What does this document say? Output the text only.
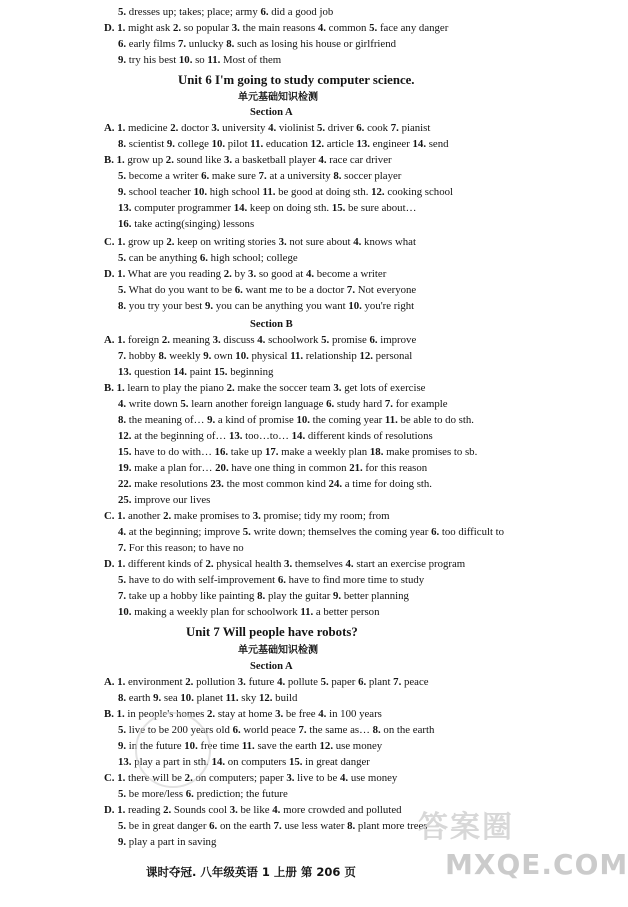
5. dresses up; takes; place; army 6. did a good job
D. 1. might ask 2. so popular 3. the main reasons 4. common 5. face any danger
6. early films 7. unlucky 8. such as losing his house or girlfriend
9. try his best 10. so 11. Most of them
Unit 6 I'm going to study computer science.
单元基础知识检测
Section A
A. 1. medicine 2. doctor 3. university 4. violinist 5. driver 6. cook 7. pianist
8. scientist 9. college 10. pilot 11. education 12. article 13. engineer 14. send
B. 1. grow up 2. sound like 3. a basketball player 4. race car driver
5. become a writer 6. make sure 7. at a university 8. soccer player
9. school teacher 10. high school 11. be good at doing sth. 12. cooking school
13. computer programmer 14. keep on doing sth. 15. be sure about…
16. take acting(singing) lessons
C. 1. grow up 2. keep on writing stories 3. not sure about 4. knows what
5. can be anything 6. high school; college
D. 1. What are you reading 2. by 3. so good at 4. become a writer
5. What do you want to be 6. want me to be a doctor 7. Not everyone
8. you try your best 9. you can be anything you want 10. you're right
Section B
A. 1. foreign 2. meaning 3. discuss 4. schoolwork 5. promise 6. improve
7. hobby 8. weekly 9. own 10. physical 11. relationship 12. personal
13. question 14. paint 15. beginning
B. 1. learn to play the piano 2. make the soccer team 3. get lots of exercise
4. write down 5. learn another foreign language 6. study hard 7. for example
8. the meaning of… 9. a kind of promise 10. the coming year 11. be able to do sth.
12. at the beginning of… 13. too…to… 14. different kinds of resolutions
15. have to do with… 16. take up 17. make a weekly plan 18. make promises to sb.
19. make a plan for… 20. have one thing in common 21. for this reason
22. make resolutions 23. the most common kind 24. a time for doing sth.
25. improve our lives
C. 1. another 2. make promises to 3. promise; tidy my room; from
4. at the beginning; improve 5. write down; themselves the coming year 6. too difficult to
7. For this reason; to have no
D. 1. different kinds of 2. physical health 3. themselves 4. start an exercise program
5. have to do with self-improvement 6. have to find more time to study
7. take up a hobby like painting 8. play the guitar 9. better planning
10. making a weekly plan for schoolwork 11. a better person
Unit 7 Will people have robots?
单元基础知识检测
Section A
A. 1. environment 2. pollution 3. future 4. pollute 5. paper 6. plant 7. peace
8. earth 9. sea 10. planet 11. sky 12. build
B. 1. in people's homes 2. stay at home 3. be free 4. in 100 years
5. live to be 200 years old 6. world peace 7. the same as… 8. on the earth
9. in the future 10. free time 11. save the earth 12. use money
13. play a part in sth. 14. on computers 15. in great danger
C. 1. there will be 2. on computers; paper 3. live to be 4. use money
5. be more/less 6. prediction; the future
D. 1. reading 2. Sounds cool 3. be like 4. more crowded and polluted
5. be in great danger 6. on the earth 7. use less water 8. plant more trees
9. play a part in saving
课时夺冠. 八年级英语 1 上册 第 206 页
答案圈
MXQE.COM
